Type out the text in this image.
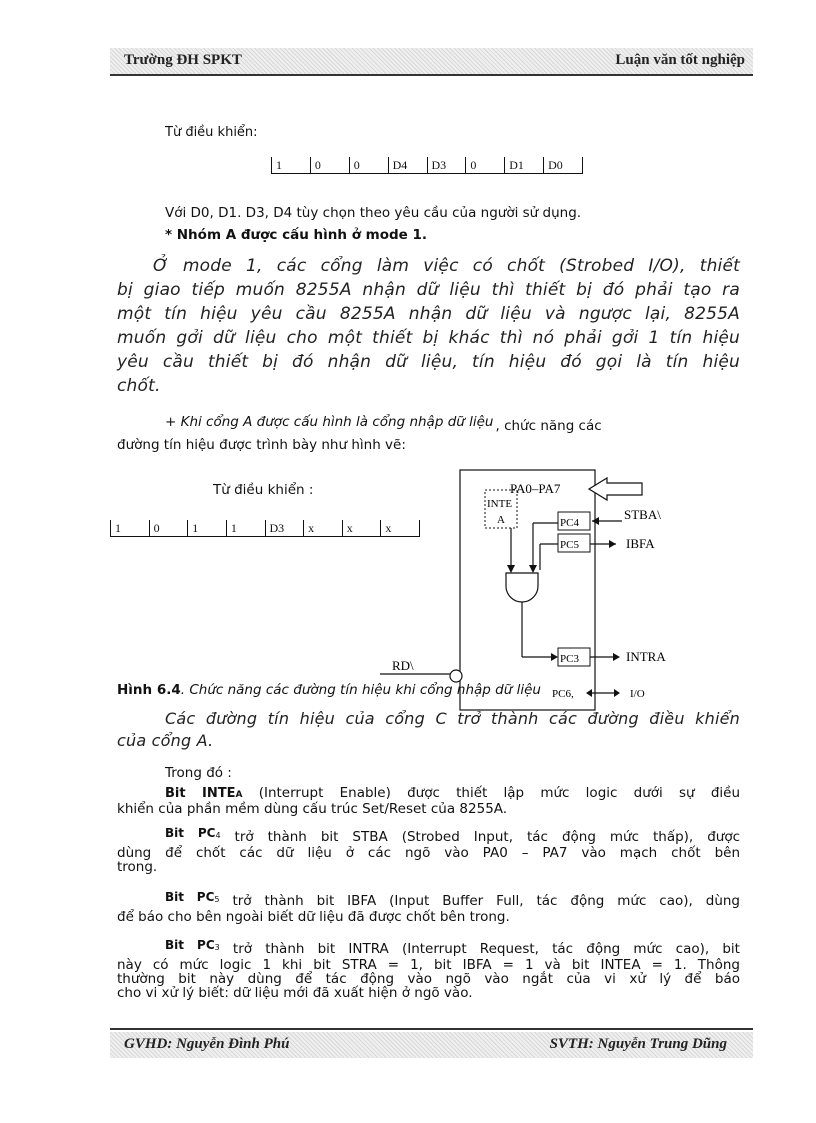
Trường ĐH SPKT	Luận văn tốt nghiệp
Từ điều khiển:
1	0	0	D4	D3	0	D1	D0
Với D0, D1. D3, D4 tùy chọn theo yêu cầu của người sử dụng.
* Nhóm A được cấu hình ở mode 1.
Ở mode 1, các cổng làm việc có chốt (Strobed I/O), thiết
bị giao tiếp muốn 8255A nhận dữ liệu thì thiết bị đó phải tạo ra
một tín hiệu yêu cầu 8255A nhận dữ liệu và ngược lại, 8255A
muốn gởi dữ liệu cho một thiết bị khác thì nó phải gởi 1 tín hiệu
yêu cầu thiết bị đó nhận dữ liệu, tín hiệu đó gọi là tín hiệu
chốt.
+ Khi cổng A được cấu hình là cổng nhập dữ liệu , chức năng các
đường tín hiệu được trình bày như hình vẽ:
Từ điều khiển :
1	0	1	1	D3	x	x	x
PA0–PA7
INTE
A	PC4
PC5
STBA\
IBFA
PC3	INTRA
RD\
PC6,	I/O
Hình 6.4. Chức năng các đường tín hiệu khi cổng nhập dữ liệu
Các đường tín hiệu của cổng C trở thành các đường điều khiển
của cổng A.
Trong đó :
Bit INTEA (Interrupt Enable) được thiết lập mức logic dưới sự điều
khiển của phần mềm dùng cấu trúc Set/Reset của 8255A.
Bit $PC^4$ trở thành bit STBA (Strobed Input, tác động mức thấp), được
dùng để chốt các dữ liệu ở các ngõ vào PA0 – PA7 vào mạch chốt bên
trong.
Bit $PC^5$ trở thành bit IBFA (Input Buffer Full, tác động mức cao), dùng
để báo cho bên ngoài biết dữ liệu đã được chốt bên trong.
Bit $PC^3$ trở thành bit INTRA (Interrupt Request, tác động mức cao), bit
này có mức logic 1 khi bit STRA = 1, bit IBFA = 1 và bit INTEA = 1. Thông
thường bit này dùng để tác động vào ngõ vào ngắt của vi xử lý để báo
cho vi xử lý biết: dữ liệu mới đã xuất hiện ở ngõ vào.
GVHD: Nguyễn Đình Phú	SVTH: Nguyễn Trung Dũng
